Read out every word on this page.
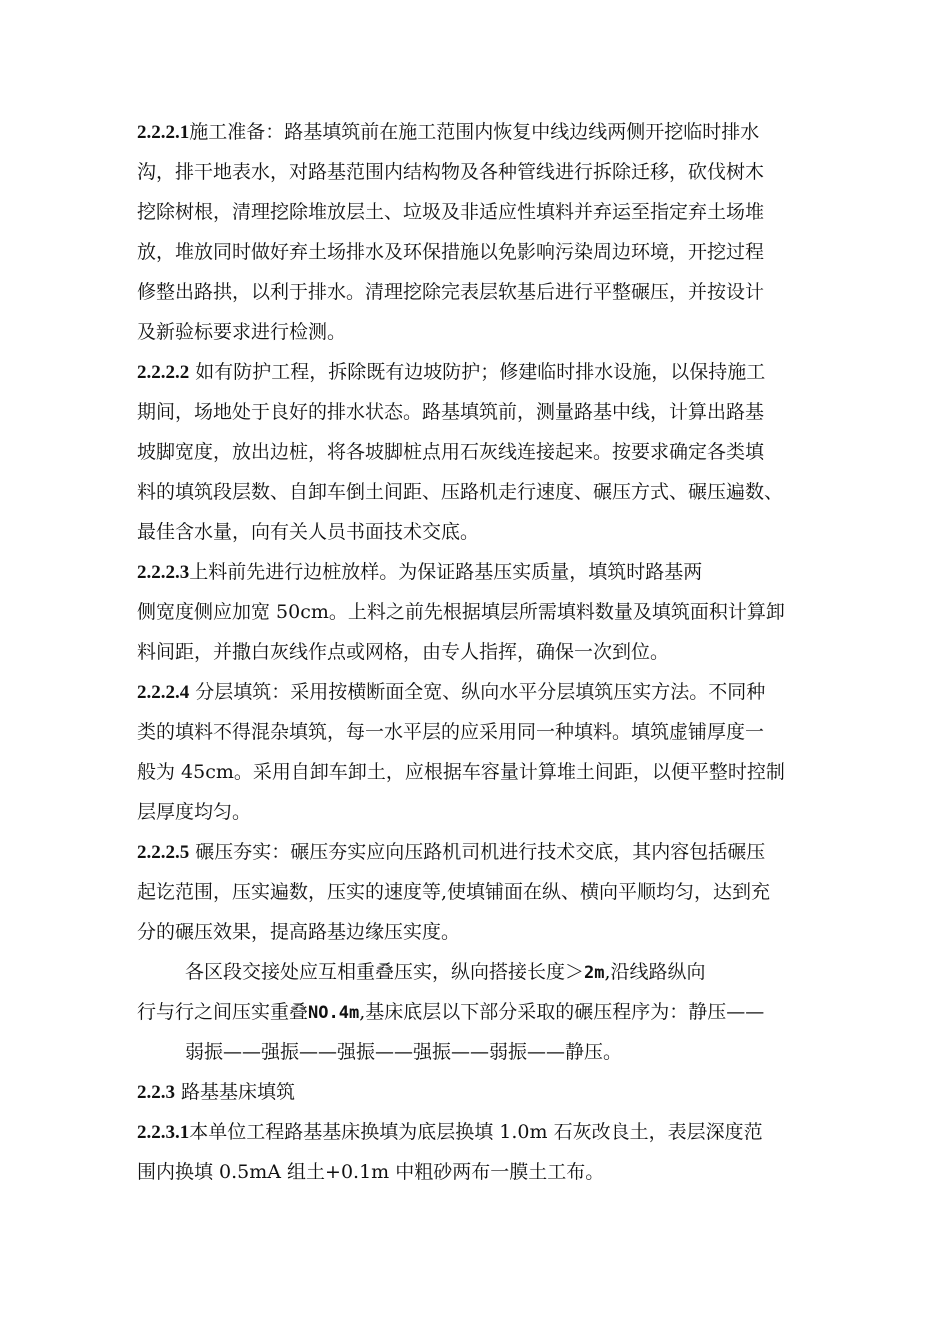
2.2.2.1施工准备：路基填筑前在施工范围内恢复中线边线两侧开挖临时排水
沟，排干地表水，对路基范围内结构物及各种管线进行拆除迁移，砍伐树木
挖除树根，清理挖除堆放层土、垃圾及非适应性填料并弃运至指定弃土场堆
放，堆放同时做好弃土场排水及环保措施以免影响污染周边环境，开挖过程
修整出路拱，以利于排水。清理挖除完表层软基后进行平整碾压，并按设计
及新验标要求进行检测。
2.2.2.2 如有防护工程，拆除既有边坡防护；修建临时排水设施，以保持施工
期间，场地处于良好的排水状态。路基填筑前，测量路基中线，计算出路基
坡脚宽度，放出边桩，将各坡脚桩点用石灰线连接起来。按要求确定各类填
料的填筑段层数、自卸车倒土间距、压路机走行速度、碾压方式、碾压遍数、
最佳含水量，向有关人员书面技术交底。
2.2.2.3上料前先进行边桩放样。为保证路基压实质量，填筑时路基两
侧宽度侧应加宽 50cm。上料之前先根据填层所需填料数量及填筑面积计算卸
料间距，并撒白灰线作点或网格，由专人指挥，确保一次到位。
2.2.2.4 分层填筑：采用按横断面全宽、纵向水平分层填筑压实方法。不同种
类的填料不得混杂填筑，每一水平层的应采用同一种填料。填筑虚铺厚度一
般为 45cm。采用自卸车卸土，应根据车容量计算堆土间距，以便平整时控制
层厚度均匀。
2.2.2.5 碾压夯实：碾压夯实应向压路机司机进行技术交底，其内容包括碾压
起讫范围，压实遍数，压实的速度等,使填铺面在纵、横向平顺均匀，达到充
分的碾压效果，提高路基边缘压实度。
各区段交接处应互相重叠压实，纵向搭接长度＞2m,沿线路纵向
行与行之间压实重叠NO.4m,基床底层以下部分采取的碾压程序为：静压——
弱振——强振——强振——强振——弱振——静压。
2.2.3 路基基床填筑
2.2.3.1本单位工程路基基床换填为底层换填 1.0m 石灰改良土，表层深度范
围内换填 0.5mA 组土+0.1m 中粗砂两布一膜土工布。
